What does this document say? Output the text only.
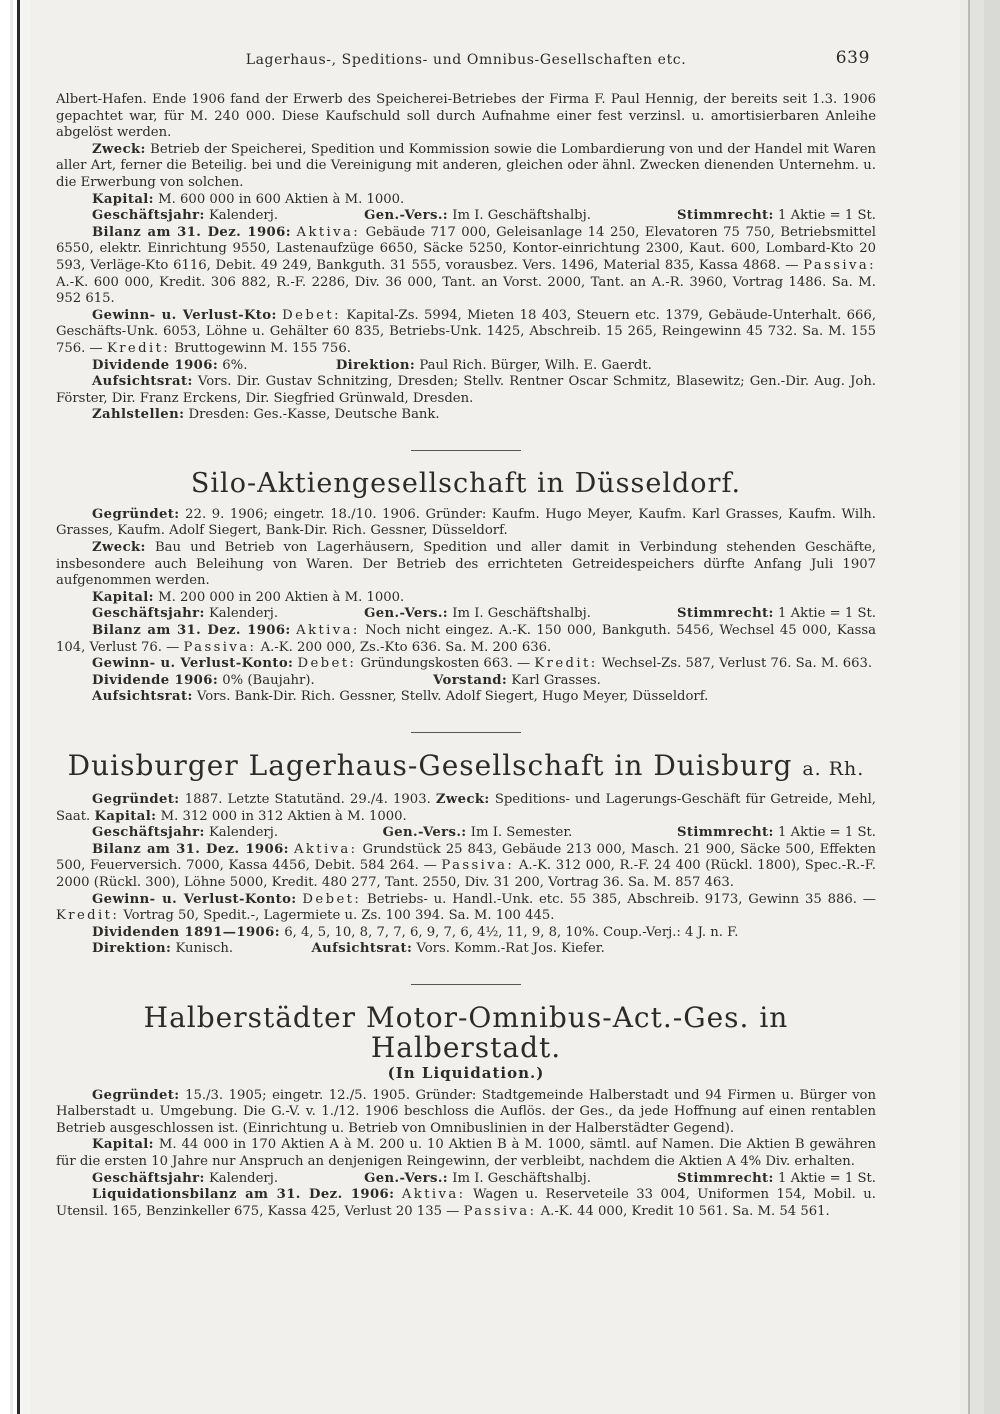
Lagerhaus-, Speditions- und Omnibus-Gesellschaften etc.	639

Albert-Hafen. Ende 1906 fand der Erwerb des Speicherei-Betriebes der Firma F. Paul Hennig, der bereits seit 1.3. 1906 gepachtet war, für M. 240 000. Diese Kaufschuld soll durch Aufnahme einer fest verzinsl. u. amortisierbaren Anleihe abgelöst werden.

Zweck: Betrieb der Speicherei, Spedition und Kommission sowie die Lombardierung von und der Handel mit Waren aller Art, ferner die Beteilig. bei und die Vereinigung mit anderen, gleichen oder ähnl. Zwecken dienenden Unternehm. u. die Erwerbung von solchen.

Kapital: M. 600 000 in 600 Aktien à M. 1000.

Geschäftsjahr: Kalenderj.	Gen.-Vers.: Im I. Geschäftshalbj.	Stimmrecht: 1 Aktie = 1 St.

Bilanz am 31. Dez. 1906: Aktiva: Gebäude 717 000, Geleisanlage 14 250, Elevatoren 75 750, Betriebsmittel 6550, elektr. Einrichtung 9550, Lastenaufzüge 6650, Säcke 5250, Kontor-einrichtung 2300, Kaut. 600, Lombard-Kto 20 593, Verläge-Kto 6116, Debit. 49 249, Bankguth. 31 555, vorausbez. Vers. 1496, Material 835, Kassa 4868. — Passiva: A.-K. 600 000, Kredit. 306 882, R.-F. 2286, Div. 36 000, Tant. an Vorst. 2000, Tant. an A.-R. 3960, Vortrag 1486. Sa. M. 952 615.

Gewinn- u. Verlust-Kto: Debet: Kapital-Zs. 5994, Mieten 18 403, Steuern etc. 1379, Gebäude-Unterhalt. 666, Geschäfts-Unk. 6053, Löhne u. Gehälter 60 835, Betriebs-Unk. 1425, Abschreib. 15 265, Reingewinn 45 732. Sa. M. 155 756. — Kredit: Bruttogewinn M. 155 756.

Dividende 1906: 6%.	Direktion: Paul Rich. Bürger, Wilh. E. Gaerdt.

Aufsichtsrat: Vors. Dir. Gustav Schnitzing, Dresden; Stellv. Rentner Oscar Schmitz, Blasewitz; Gen.-Dir. Aug. Joh. Förster, Dir. Franz Erckens, Dir. Siegfried Grünwald, Dresden.

Zahlstellen: Dresden: Ges.-Kasse, Deutsche Bank.

Silo-Aktiengesellschaft in Düsseldorf.

Gegründet: 22. 9. 1906; eingetr. 18./10. 1906. Gründer: Kaufm. Hugo Meyer, Kaufm. Karl Grasses, Kaufm. Wilh. Grasses, Kaufm. Adolf Siegert, Bank-Dir. Rich. Gessner, Düsseldorf.

Zweck: Bau und Betrieb von Lagerhäusern, Spedition und aller damit in Verbindung stehenden Geschäfte, insbesondere auch Beleihung von Waren. Der Betrieb des errichteten Getreidespeichers dürfte Anfang Juli 1907 aufgenommen werden.

Kapital: M. 200 000 in 200 Aktien à M. 1000.

Geschäftsjahr: Kalenderj.	Gen.-Vers.: Im I. Geschäftshalbj.	Stimmrecht: 1 Aktie = 1 St.

Bilanz am 31. Dez. 1906: Aktiva: Noch nicht eingez. A.-K. 150 000, Bankguth. 5456, Wechsel 45 000, Kassa 104, Verlust 76. — Passiva: A.-K. 200 000, Zs.-Kto 636. Sa. M. 200 636.

Gewinn- u. Verlust-Konto: Debet: Gründungskosten 663. — Kredit: Wechsel-Zs. 587, Verlust 76. Sa. M. 663.

Dividende 1906: 0% (Baujahr).	Vorstand: Karl Grasses.

Aufsichtsrat: Vors. Bank-Dir. Rich. Gessner, Stellv. Adolf Siegert, Hugo Meyer, Düsseldorf.

Duisburger Lagerhaus-Gesellschaft in Duisburg a. Rh.

Gegründet: 1887. Letzte Statutänd. 29./4. 1903. Zweck: Speditions- und Lagerungs-Geschäft für Getreide, Mehl, Saat. Kapital: M. 312 000 in 312 Aktien à M. 1000.

Geschäftsjahr: Kalenderj.	Gen.-Vers.: Im I. Semester.	Stimmrecht: 1 Aktie = 1 St.

Bilanz am 31. Dez. 1906: Aktiva: Grundstück 25 843, Gebäude 213 000, Masch. 21 900, Säcke 500, Effekten 500, Feuerversich. 7000, Kassa 4456, Debit. 584 264. — Passiva: A.-K. 312 000, R.-F. 24 400 (Rückl. 1800), Spec.-R.-F. 2000 (Rückl. 300), Löhne 5000, Kredit. 480 277, Tant. 2550, Div. 31 200, Vortrag 36. Sa. M. 857 463.

Gewinn- u. Verlust-Konto: Debet: Betriebs- u. Handl.-Unk. etc. 55 385, Abschreib. 9173, Gewinn 35 886. — Kredit: Vortrag 50, Spedit.-, Lagermiete u. Zs. 100 394. Sa. M. 100 445.

Dividenden 1891—1906: 6, 4, 5, 10, 8, 7, 7, 6, 9, 7, 6, 4½, 11, 9, 8, 10%. Coup.-Verj.: 4 J. n. F.

Direktion: Kunisch.	Aufsichtsrat: Vors. Komm.-Rat Jos. Kiefer.

Halberstädter Motor-Omnibus-Act.-Ges. in Halberstadt.
(In Liquidation.)

Gegründet: 15./3. 1905; eingetr. 12./5. 1905. Gründer: Stadtgemeinde Halberstadt und 94 Firmen u. Bürger von Halberstadt u. Umgebung. Die G.-V. v. 1./12. 1906 beschloss die Auflös. der Ges., da jede Hoffnung auf einen rentablen Betrieb ausgeschlossen ist. (Einrichtung u. Betrieb von Omnibuslinien in der Halberstädter Gegend).

Kapital: M. 44 000 in 170 Aktien A à M. 200 u. 10 Aktien B à M. 1000, sämtl. auf Namen. Die Aktien B gewähren für die ersten 10 Jahre nur Anspruch an denjenigen Reingewinn, der verbleibt, nachdem die Aktien A 4% Div. erhalten.

Geschäftsjahr: Kalenderj.	Gen.-Vers.: Im I. Geschäftshalbj.	Stimmrecht: 1 Aktie = 1 St.

Liquidationsbilanz am 31. Dez. 1906: Aktiva: Wagen u. Reserveteile 33 004, Uniformen 154, Mobil. u. Utensil. 165, Benzinkeller 675, Kassa 425, Verlust 20 135 — Passiva: A.-K. 44 000, Kredit 10 561. Sa. M. 54 561.
